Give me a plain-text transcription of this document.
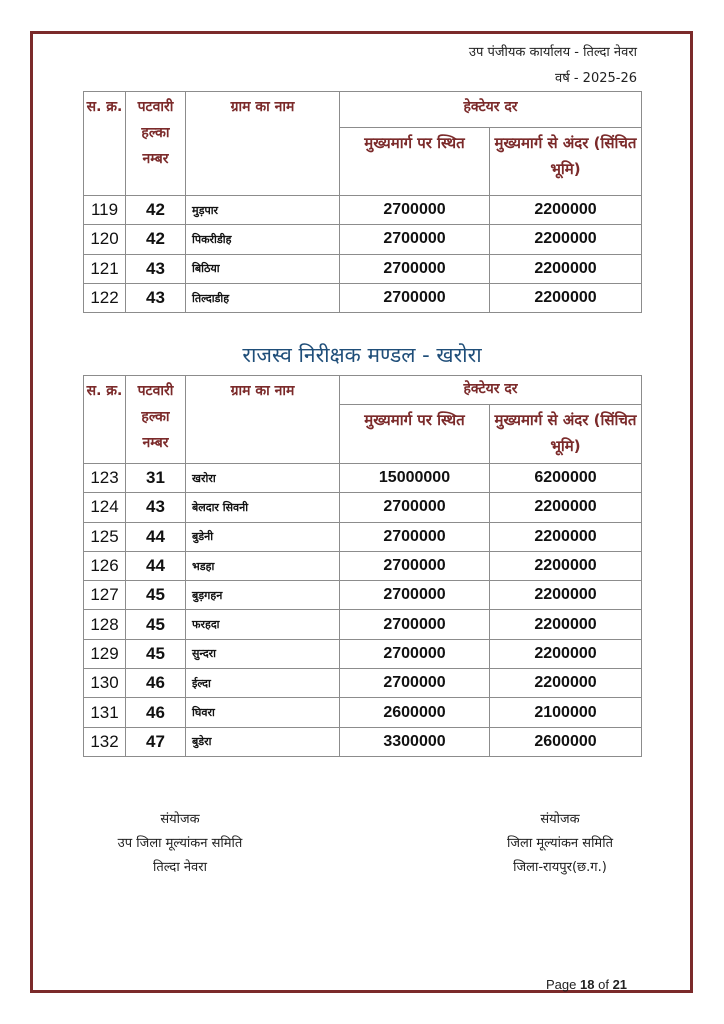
उप पंजीयक कार्यालय - तिल्दा नेवरा
वर्ष - 2025-26
स. क्र.	पटवारी हल्का नम्बर	ग्राम का नाम	हेक्टेयर दर	
			मुख्यमार्ग पर स्थित	मुख्यमार्ग से अंदर (सिंचित भूमि)
119	42	मुड़पार	2700000	2200000
120	42	पिकरीडीह	2700000	2200000
121	43	बिठिया	2700000	2200000
122	43	तिल्दाडीह	2700000	2200000
राजस्व निरीक्षक मण्डल - खरोरा
स. क्र.	पटवारी हल्का नम्बर	ग्राम का नाम	हेक्टेयर दर	
			मुख्यमार्ग पर स्थित	मुख्यमार्ग से अंदर (सिंचित भूमि)
123	31	खरोरा	15000000	6200000
124	43	बेलदार सिवनी	2700000	2200000
125	44	बुडेनी	2700000	2200000
126	44	भडहा	2700000	2200000
127	45	बुड़गहन	2700000	2200000
128	45	फरहदा	2700000	2200000
129	45	सुन्दरा	2700000	2200000
130	46	ईल्दा	2700000	2200000
131	46	घिवरा	2600000	2100000
132	47	बुडेरा	3300000	2600000
संयोजक
उप जिला मूल्यांकन समिति
तिल्दा नेवरा
संयोजक
जिला मूल्यांकन समिति
जिला-रायपुर(छ.ग.)
Page 18 of 21
